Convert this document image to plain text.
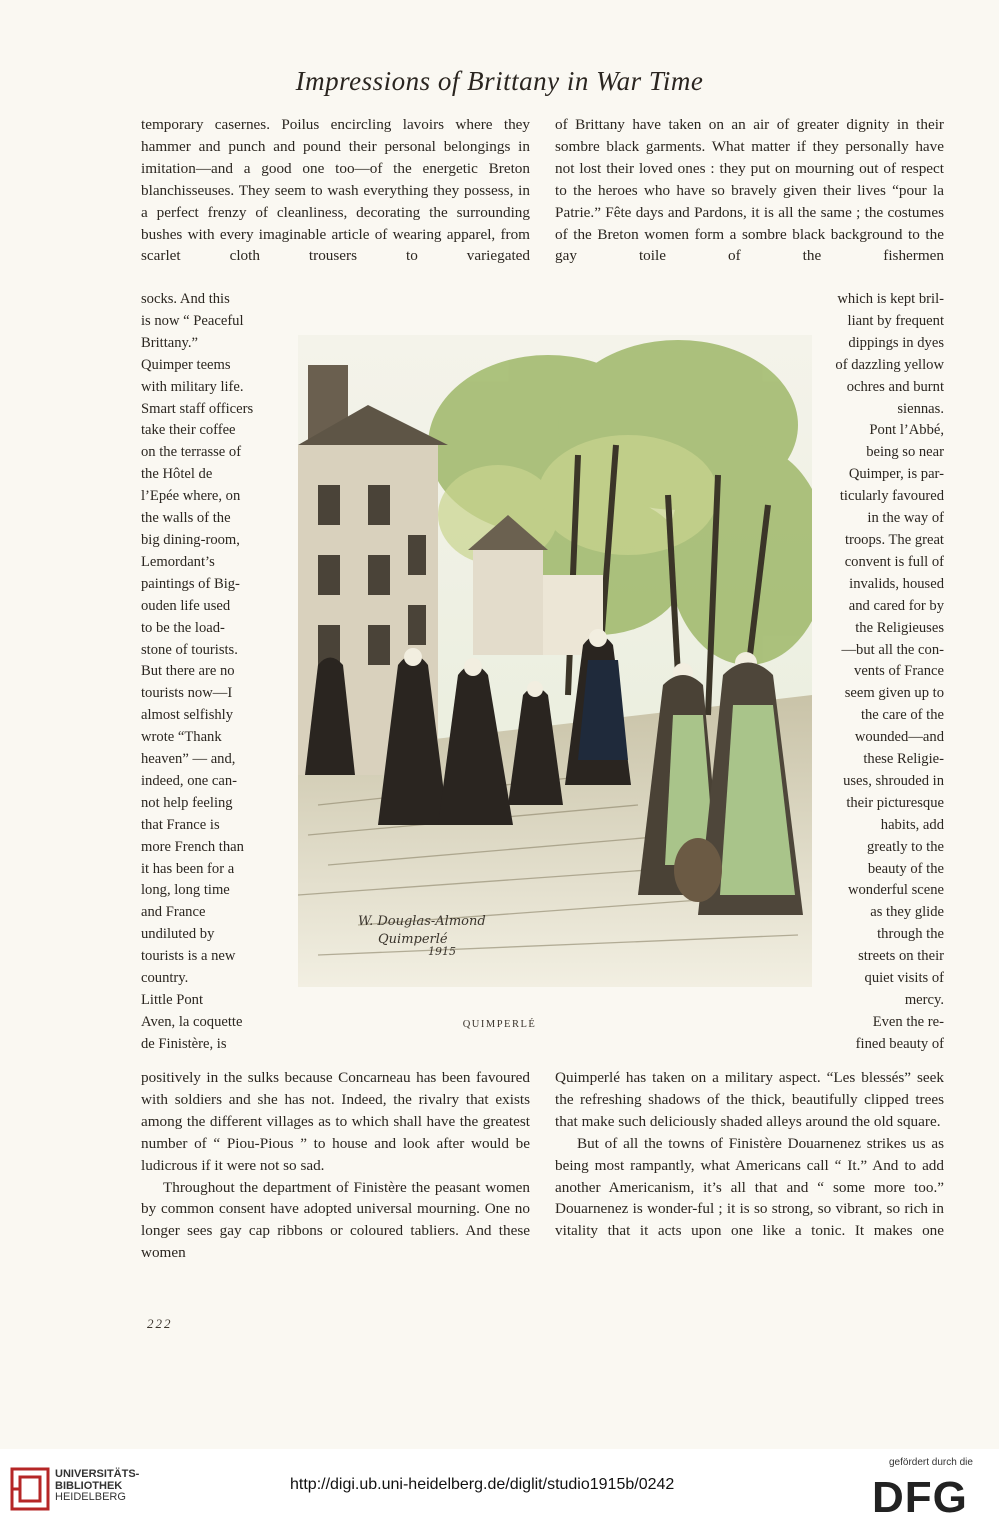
Impressions of Brittany in War Time

temporary casernes. Poilus encircling lavoirs where they hammer and punch and pound their personal belongings in imitation—and a good one too—of the energetic Breton blanchisseuses. They seem to wash everything they possess, in a perfect frenzy of cleanliness, decorating the surrounding bushes with every imaginable article of wearing apparel, from scarlet cloth trousers to variegated

socks. And this

is now “ Peaceful

Brittany.”

Quimper teems

with military life.

Smart staff officers

take their coffee

on the terrasse of

the Hôtel de

l’Epée where, on

the walls of the

big dining-room,

Lemordant’s

paintings of Big-

ouden life used

to be the load-

stone of tourists.

But there are no

tourists now—I

almost selfishly

wrote “Thank

heaven” — and,

indeed, one can-

not help feeling

that France is

more French than

it has been for a

long, long time

and France

undiluted by

tourists is a new

country.

Little Pont

Aven, la coquette

de Finistère, is

of Brittany have taken on an air of greater dignity in their sombre black garments. What matter if they personally have not lost their loved ones : they put on mourning out of respect to the heroes who have so bravely given their lives “pour la Patrie.” Fête days and Pardons, it is all the same ; the costumes of the Breton women form a sombre black background to the gay toile of the fishermen

which is kept bril-

liant by frequent

dippings in dyes

of dazzling yellow

ochres and burnt

siennas.

Pont l’Abbé,

being so near

Quimper, is par-

ticularly favoured

in the way of

troops. The great

convent is full of

invalids, housed

and cared for by

the Religieuses

—but all the con-

vents of France

seem given up to

the care of the

wounded—and

these Religie-

uses, shrouded in

their picturesque

habits, add

greatly to the

beauty of the

wonderful scene

as they glide

through the

streets on their

quiet visits of

mercy.

Even the re-

fined beauty of

positively in the sulks because Concarneau has been favoured with soldiers and she has not. Indeed, the rivalry that exists among the different villages as to which shall have the greatest number of “ Piou-Pious ” to house and look after would be ludicrous if it were not so sad.

Throughout the department of Finistère the peasant women by common consent have adopted universal mourning. One no longer sees gay cap ribbons or coloured tabliers. And these women

Quimperlé has taken on a military aspect. “Les blessés” seek the refreshing shadows of the thick, beautifully clipped trees that make such deliciously shaded alleys around the old square.

But of all the towns of Finistère Douarnenez strikes us as being most rampantly, what Americans call “ It.” And to add another Americanism, it’s all that and “ some more too.” Douarnenez is wonder-ful ; it is so strong, so vibrant, so rich in vitality that it acts upon one like a tonic. It makes one

W. Douglas-Almond
Quimperlé
1915
QUIMPERLÉ
222
UNIVERSITÄTS-
BIBLIOTHEK
HEIDELBERG
http://digi.ub.uni-heidelberg.de/diglit/studio1915b/0242
gefördert durch die
DFG
